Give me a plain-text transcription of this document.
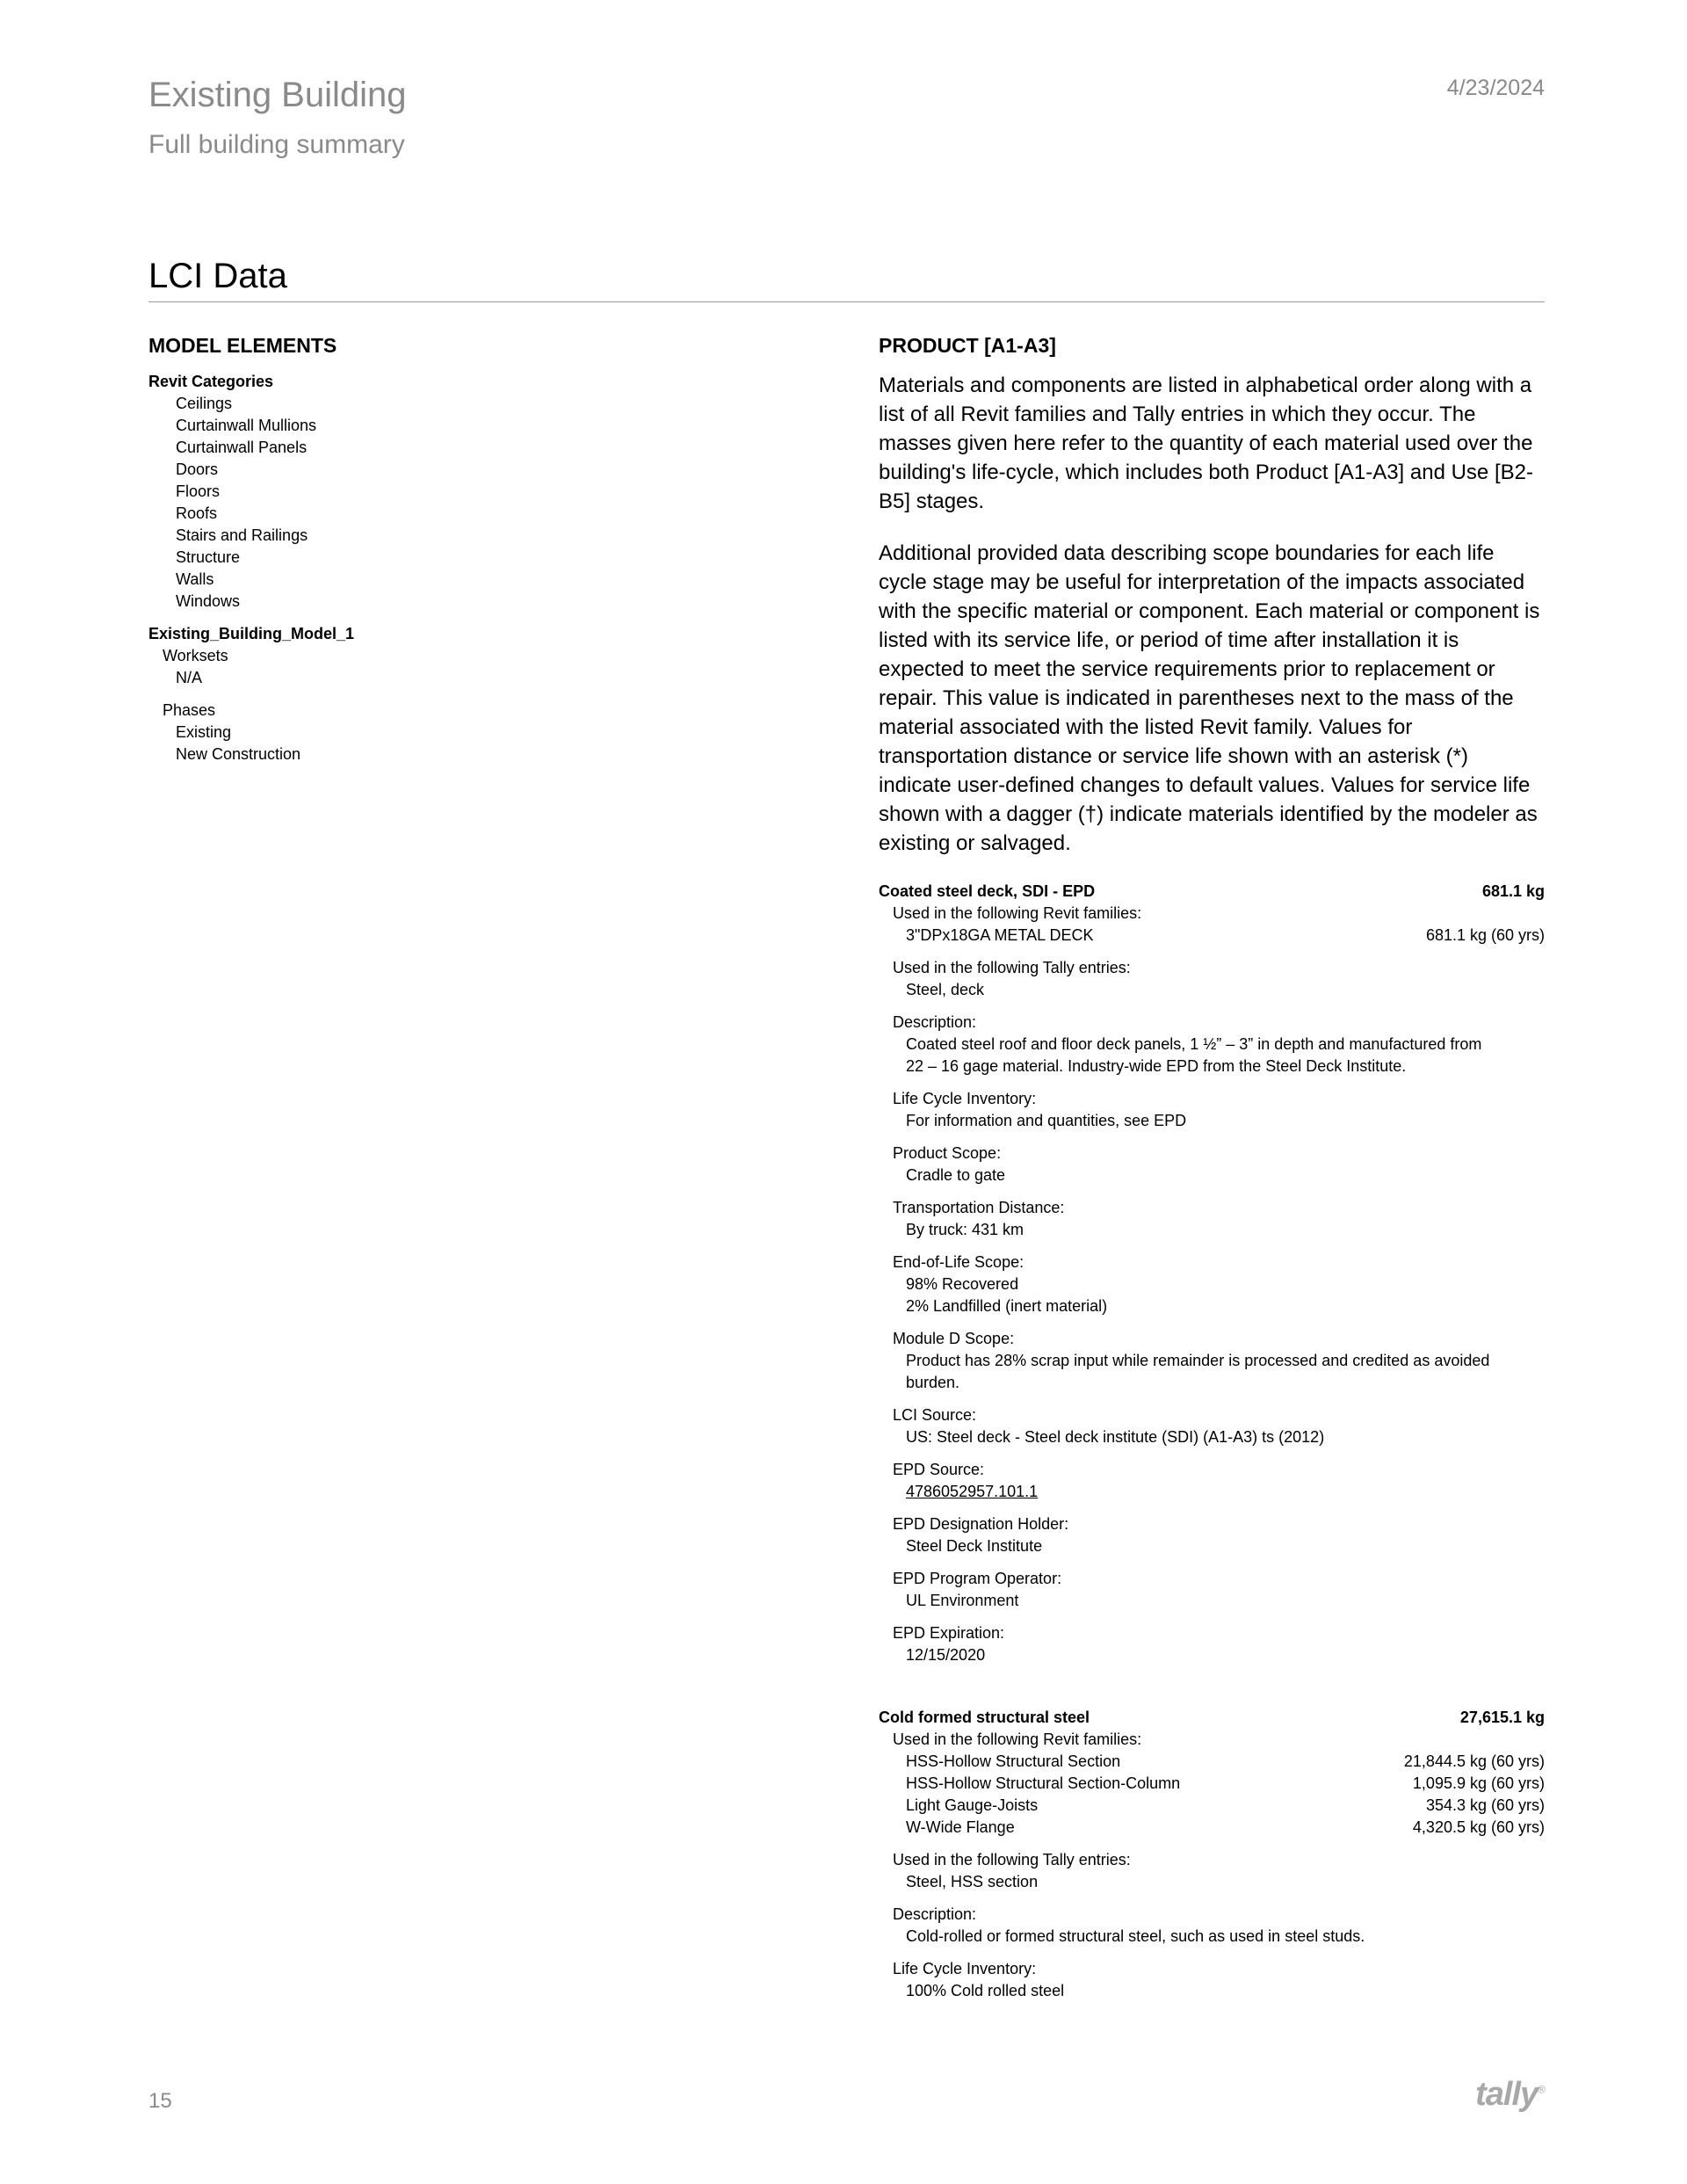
Existing Building
Full building summary
4/23/2024
LCI Data
MODEL ELEMENTS
Revit Categories
Ceilings
Curtainwall Mullions
Curtainwall Panels
Doors
Floors
Roofs
Stairs and Railings
Structure
Walls
Windows
Existing_Building_Model_1
Worksets
N/A
Phases
Existing
New Construction
PRODUCT [A1-A3]

Materials and components are listed in alphabetical order along with a list of all Revit families and Tally entries in which they occur. The masses given here refer to the quantity of each material used over the building's life-cycle, which includes both Product [A1-A3] and Use [B2-B5] stages.

Additional provided data describing scope boundaries for each life cycle stage may be useful for interpretation of the impacts associated with the specific material or component. Each material or component is listed with its service life, or period of time after installation it is expected to meet the service requirements prior to replacement or repair. This value is indicated in parentheses next to the mass of the material associated with the listed Revit family. Values for transportation distance or service life shown with an asterisk (*) indicate user-defined changes to default values. Values for service life shown with a dagger (†) indicate materials identified by the modeler as existing or salvaged.

Coated steel deck, SDI - EPD	681.1 kg
Used in the following Revit families:
3"DPx18GA METAL DECK	681.1 kg (60 yrs)
Used in the following Tally entries:
Steel, deck
Description:
Coated steel roof and floor deck panels, 1 ½” – 3” in depth and manufactured from
22 – 16 gage material. Industry-wide EPD from the Steel Deck Institute.
Life Cycle Inventory:
For information and quantities, see EPD
Product Scope:
Cradle to gate
Transportation Distance:
By truck: 431 km
End-of-Life Scope:
98% Recovered
2% Landfilled (inert material)
Module D Scope:
Product has 28% scrap input while remainder is processed and credited as avoided
burden.
LCI Source:
US: Steel deck - Steel deck institute (SDI) (A1-A3) ts (2012)
EPD Source:
4786052957.101.1
EPD Designation Holder:
Steel Deck Institute
EPD Program Operator:
UL Environment
EPD Expiration:
12/15/2020
Cold formed structural steel	27,615.1 kg
Used in the following Revit families:
HSS-Hollow Structural Section	21,844.5 kg (60 yrs)
HSS-Hollow Structural Section-Column	1,095.9 kg (60 yrs)
Light Gauge-Joists	354.3 kg (60 yrs)
W-Wide Flange	4,320.5 kg (60 yrs)
Used in the following Tally entries:
Steel, HSS section
Description:
Cold-rolled or formed structural steel, such as used in steel studs.
Life Cycle Inventory:
100% Cold rolled steel
15	tally®
